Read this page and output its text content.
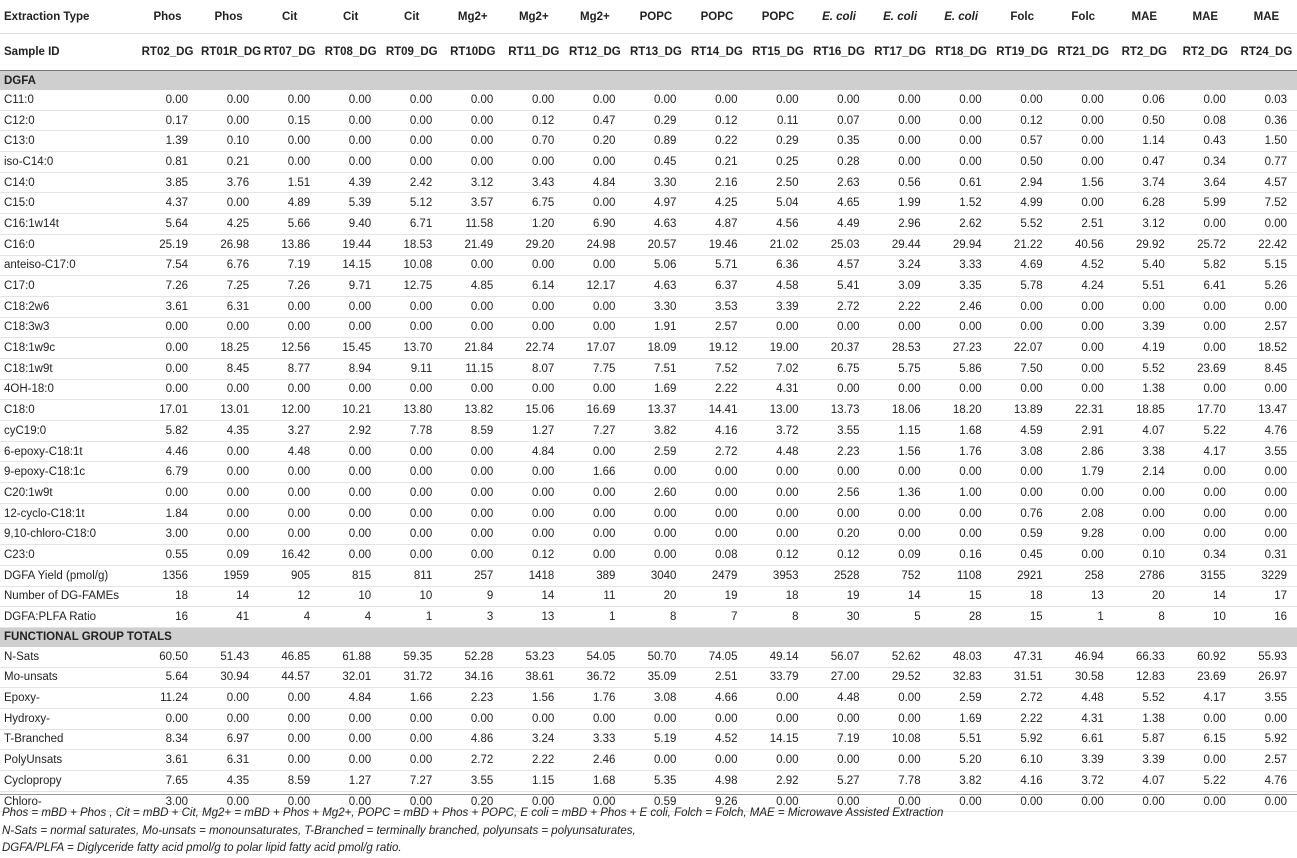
Extraction Type	Phos	Phos	Cit	Cit	Cit	Mg2+	Mg2+	Mg2+	POPC	POPC	POPC	E. coli	E. coli	E. coli	Folc	Folc	MAE	MAE	MAE
Sample ID	RT02_DG	RT01R_DG	RT07_DG	RT08_DG	RT09_DG	RT10DG	RT11_DG	RT12_DG	RT13_DG	RT14_DG	RT15_DG	RT16_DG	RT17_DG	RT18_DG	RT19_DG	RT21_DG	RT2_DG	RT2_DG	RT24_DG
DGFA																			
C11:0	0.00	0.00	0.00	0.00	0.00	0.00	0.00	0.00	0.00	0.00	0.00	0.00	0.00	0.00	0.00	0.00	0.06	0.00	0.03
C12:0	0.17	0.00	0.15	0.00	0.00	0.00	0.12	0.47	0.29	0.12	0.11	0.07	0.00	0.00	0.12	0.00	0.50	0.08	0.36
C13:0	1.39	0.10	0.00	0.00	0.00	0.00	0.70	0.20	0.89	0.22	0.29	0.35	0.00	0.00	0.57	0.00	1.14	0.43	1.50
iso-C14:0	0.81	0.21	0.00	0.00	0.00	0.00	0.00	0.00	0.45	0.21	0.25	0.28	0.00	0.00	0.50	0.00	0.47	0.34	0.77
C14:0	3.85	3.76	1.51	4.39	2.42	3.12	3.43	4.84	3.30	2.16	2.50	2.63	0.56	0.61	2.94	1.56	3.74	3.64	4.57
C15:0	4.37	0.00	4.89	5.39	5.12	3.57	6.75	0.00	4.97	4.25	5.04	4.65	1.99	1.52	4.99	0.00	6.28	5.99	7.52
C16:1w14t	5.64	4.25	5.66	9.40	6.71	11.58	1.20	6.90	4.63	4.87	4.56	4.49	2.96	2.62	5.52	2.51	3.12	0.00	0.00
C16:0	25.19	26.98	13.86	19.44	18.53	21.49	29.20	24.98	20.57	19.46	21.02	25.03	29.44	29.94	21.22	40.56	29.92	25.72	22.42
anteiso-C17:0	7.54	6.76	7.19	14.15	10.08	0.00	0.00	0.00	5.06	5.71	6.36	4.57	3.24	3.33	4.69	4.52	5.40	5.82	5.15
C17:0	7.26	7.25	7.26	9.71	12.75	4.85	6.14	12.17	4.63	6.37	4.58	5.41	3.09	3.35	5.78	4.24	5.51	6.41	5.26
C18:2w6	3.61	6.31	0.00	0.00	0.00	0.00	0.00	0.00	3.30	3.53	3.39	2.72	2.22	2.46	0.00	0.00	0.00	0.00	0.00
C18:3w3	0.00	0.00	0.00	0.00	0.00	0.00	0.00	0.00	1.91	2.57	0.00	0.00	0.00	0.00	0.00	0.00	3.39	0.00	2.57
C18:1w9c	0.00	18.25	12.56	15.45	13.70	21.84	22.74	17.07	18.09	19.12	19.00	20.37	28.53	27.23	22.07	0.00	4.19	0.00	18.52
C18:1w9t	0.00	8.45	8.77	8.94	9.11	11.15	8.07	7.75	7.51	7.52	7.02	6.75	5.75	5.86	7.50	0.00	5.52	23.69	8.45
4OH-18:0	0.00	0.00	0.00	0.00	0.00	0.00	0.00	0.00	1.69	2.22	4.31	0.00	0.00	0.00	0.00	0.00	1.38	0.00	0.00
C18:0	17.01	13.01	12.00	10.21	13.80	13.82	15.06	16.69	13.37	14.41	13.00	13.73	18.06	18.20	13.89	22.31	18.85	17.70	13.47
cyC19:0	5.82	4.35	3.27	2.92	7.78	8.59	1.27	7.27	3.82	4.16	3.72	3.55	1.15	1.68	4.59	2.91	4.07	5.22	4.76
6-epoxy-C18:1t	4.46	0.00	4.48	0.00	0.00	0.00	4.84	0.00	2.59	2.72	4.48	2.23	1.56	1.76	3.08	2.86	3.38	4.17	3.55
9-epoxy-C18:1c	6.79	0.00	0.00	0.00	0.00	0.00	0.00	1.66	0.00	0.00	0.00	0.00	0.00	0.00	0.00	1.79	2.14	0.00	0.00
C20:1w9t	0.00	0.00	0.00	0.00	0.00	0.00	0.00	0.00	2.60	0.00	0.00	2.56	1.36	1.00	0.00	0.00	0.00	0.00	0.00
12-cyclo-C18:1t	1.84	0.00	0.00	0.00	0.00	0.00	0.00	0.00	0.00	0.00	0.00	0.00	0.00	0.00	0.76	2.08	0.00	0.00	0.00
9,10-chloro-C18:0	3.00	0.00	0.00	0.00	0.00	0.00	0.00	0.00	0.00	0.00	0.00	0.20	0.00	0.00	0.59	9.28	0.00	0.00	0.00
C23:0	0.55	0.09	16.42	0.00	0.00	0.00	0.12	0.00	0.00	0.08	0.12	0.12	0.09	0.16	0.45	0.00	0.10	0.34	0.31
DGFA Yield (pmol/g)	1356	1959	905	815	811	257	1418	389	3040	2479	3953	2528	752	1108	2921	258	2786	3155	3229
Number of DG-FAMEs	18	14	12	10	10	9	14	11	20	19	18	19	14	15	18	13	20	14	17
DGFA:PLFA Ratio	16	41	4	4	1	3	13	1	8	7	8	30	5	28	15	1	8	10	16
FUNCTIONAL GROUP TOTALS																			
N-Sats	60.50	51.43	46.85	61.88	59.35	52.28	53.23	54.05	50.70	74.05	49.14	56.07	52.62	48.03	47.31	46.94	66.33	60.92	55.93
Mo-unsats	5.64	30.94	44.57	32.01	31.72	34.16	38.61	36.72	35.09	2.51	33.79	27.00	29.52	32.83	31.51	30.58	12.83	23.69	26.97
Epoxy-	11.24	0.00	0.00	4.84	1.66	2.23	1.56	1.76	3.08	4.66	0.00	4.48	0.00	2.59	2.72	4.48	5.52	4.17	3.55
Hydroxy-	0.00	0.00	0.00	0.00	0.00	0.00	0.00	0.00	0.00	0.00	0.00	0.00	0.00	1.69	2.22	4.31	1.38	0.00	0.00
T-Branched	8.34	6.97	0.00	0.00	0.00	4.86	3.24	3.33	5.19	4.52	14.15	7.19	10.08	5.51	5.92	6.61	5.87	6.15	5.92
PolyUnsats	3.61	6.31	0.00	0.00	0.00	2.72	2.22	2.46	0.00	0.00	0.00	0.00	0.00	5.20	6.10	3.39	3.39	0.00	2.57
Cyclopropy	7.65	4.35	8.59	1.27	7.27	3.55	1.15	1.68	5.35	4.98	2.92	5.27	7.78	3.82	4.16	3.72	4.07	5.22	4.76
Chloro-	3.00	0.00	0.00	0.00	0.00	0.20	0.00	0.00	0.59	9.26	0.00	0.00	0.00	0.00	0.00	0.00	0.00	0.00	0.00
Phos = mBD + Phos , Cit = mBD + Cit, Mg2+ = mBD + Phos + Mg2+, POPC = mBD + Phos + POPC, E coli = mBD + Phos + E coli, Folch = Folch, MAE = Microwave Assisted Extraction
N-Sats = normal saturates, Mo-unsats = monounsaturates, T-Branched = terminally branched, polyunsats = polyunsaturates,
DGFA/PLFA = Diglyceride fatty acid pmol/g to polar lipid fatty acid pmol/g ratio.
